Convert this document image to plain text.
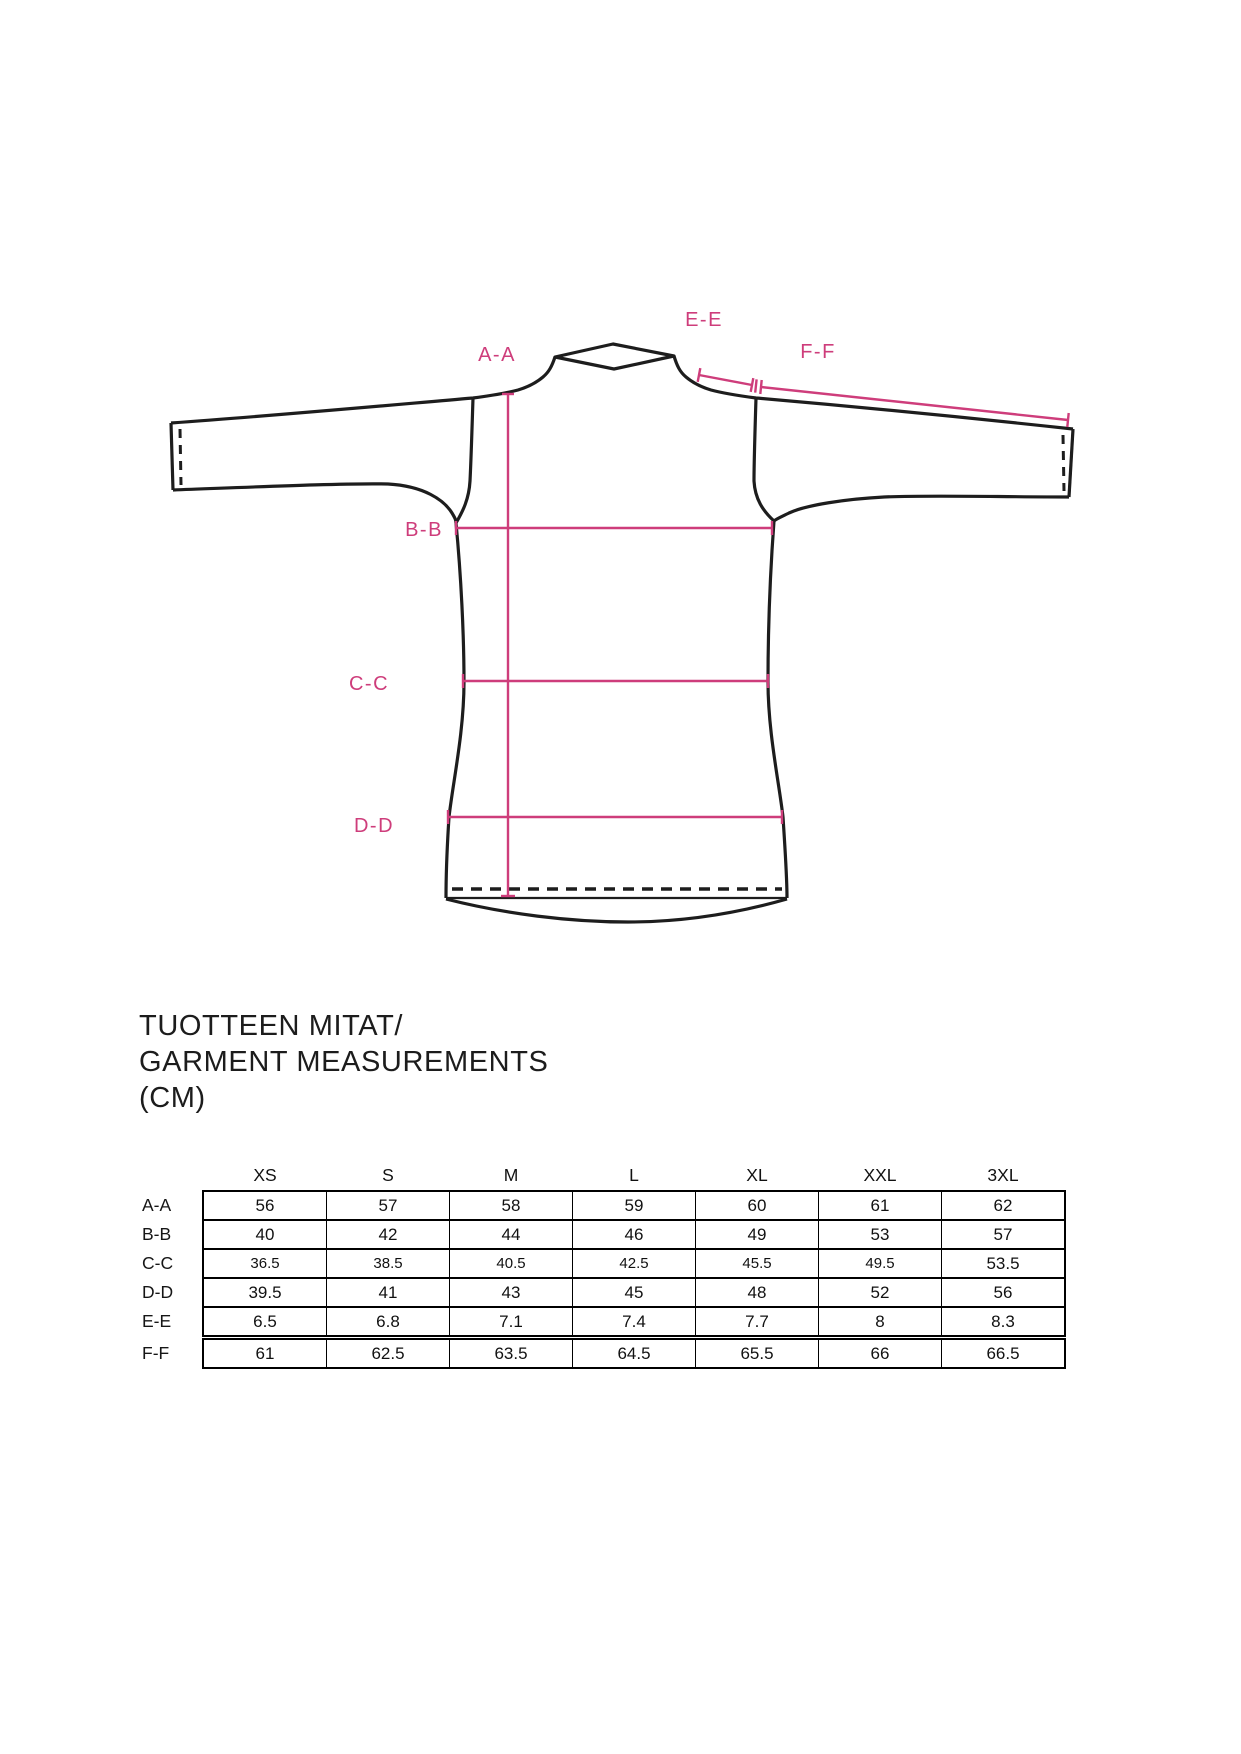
A-A
B-B
C-C
D-D
E-E
F-F
TUOTTEEN MITAT/
GARMENT MEASUREMENTS
(CM)
XS	S	M	L	XL	XXL	3XL
A-A	56	57	58	59	60	61	62
B-B	40	42	44	46	49	53	57
C-C	36.5	38.5	40.5	42.5	45.5	49.5	53.5
D-D	39.5	41	43	45	48	52	56
E-E	6.5	6.8	7.1	7.4	7.7	8	8.3
F-F	61	62.5	63.5	64.5	65.5	66	66.5
